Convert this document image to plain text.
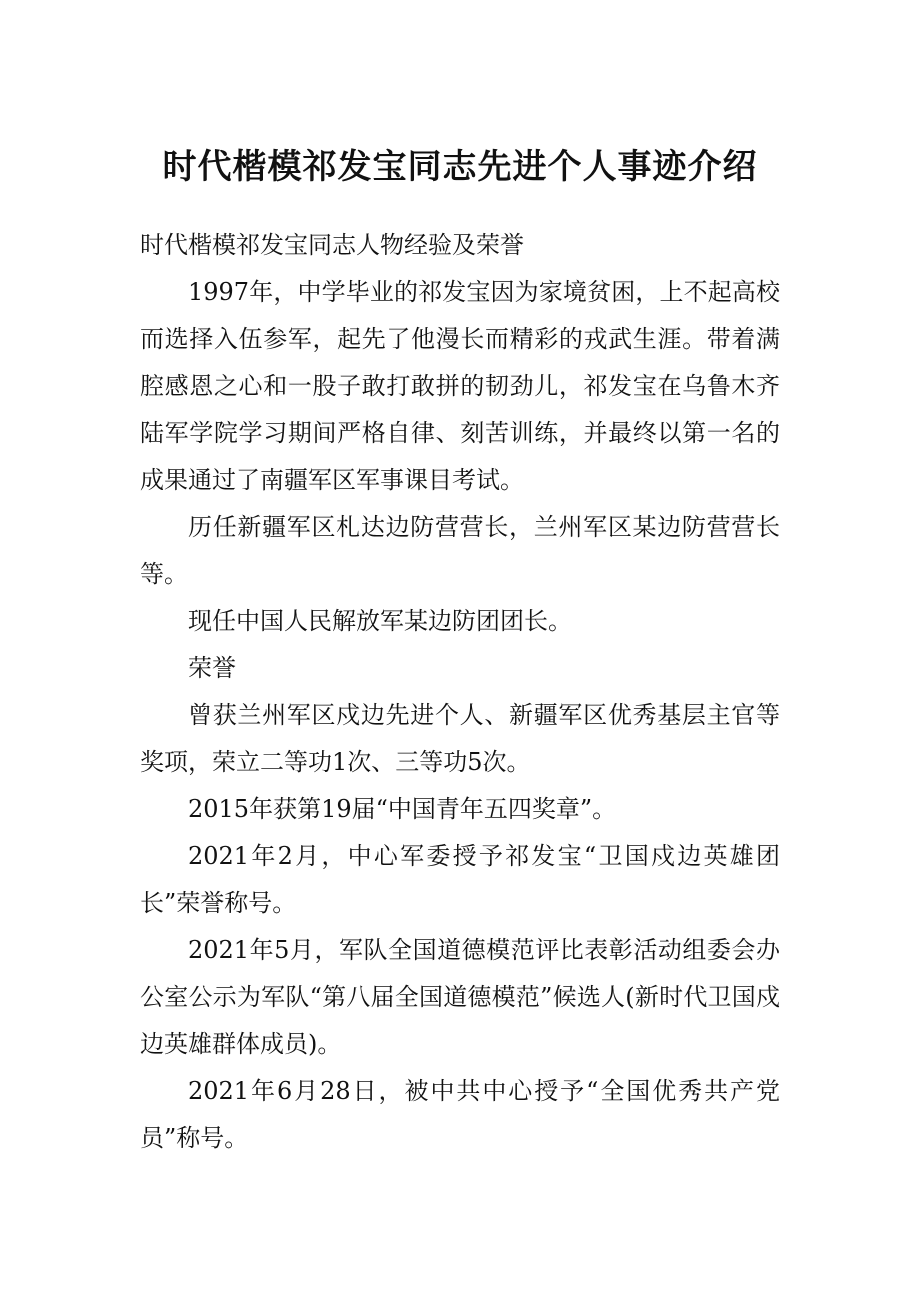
时代楷模祁发宝同志先进个人事迹介绍

时代楷模祁发宝同志人物经验及荣誉

1997年，中学毕业的祁发宝因为家境贫困，上不起高校而选择入伍参军，起先了他漫长而精彩的戎武生涯。带着满腔感恩之心和一股子敢打敢拼的韧劲儿，祁发宝在乌鲁木齐陆军学院学习期间严格自律、刻苦训练，并最终以第一名的成果通过了南疆军区军事课目考试。

历任新疆军区札达边防营营长，兰州军区某边防营营长等。

现任中国人民解放军某边防团团长。

荣誉

曾获兰州军区戍边先进个人、新疆军区优秀基层主官等奖项，荣立二等功1次、三等功5次。

2015年获第19届“中国青年五四奖章”。

2021年2月，中心军委授予祁发宝“卫国戍边英雄团长”荣誉称号。

2021年5月，军队全国道德模范评比表彰活动组委会办公室公示为军队“第八届全国道德模范”候选人(新时代卫国戍边英雄群体成员)。

2021年6月28日，被中共中心授予“全国优秀共产党员”称号。
